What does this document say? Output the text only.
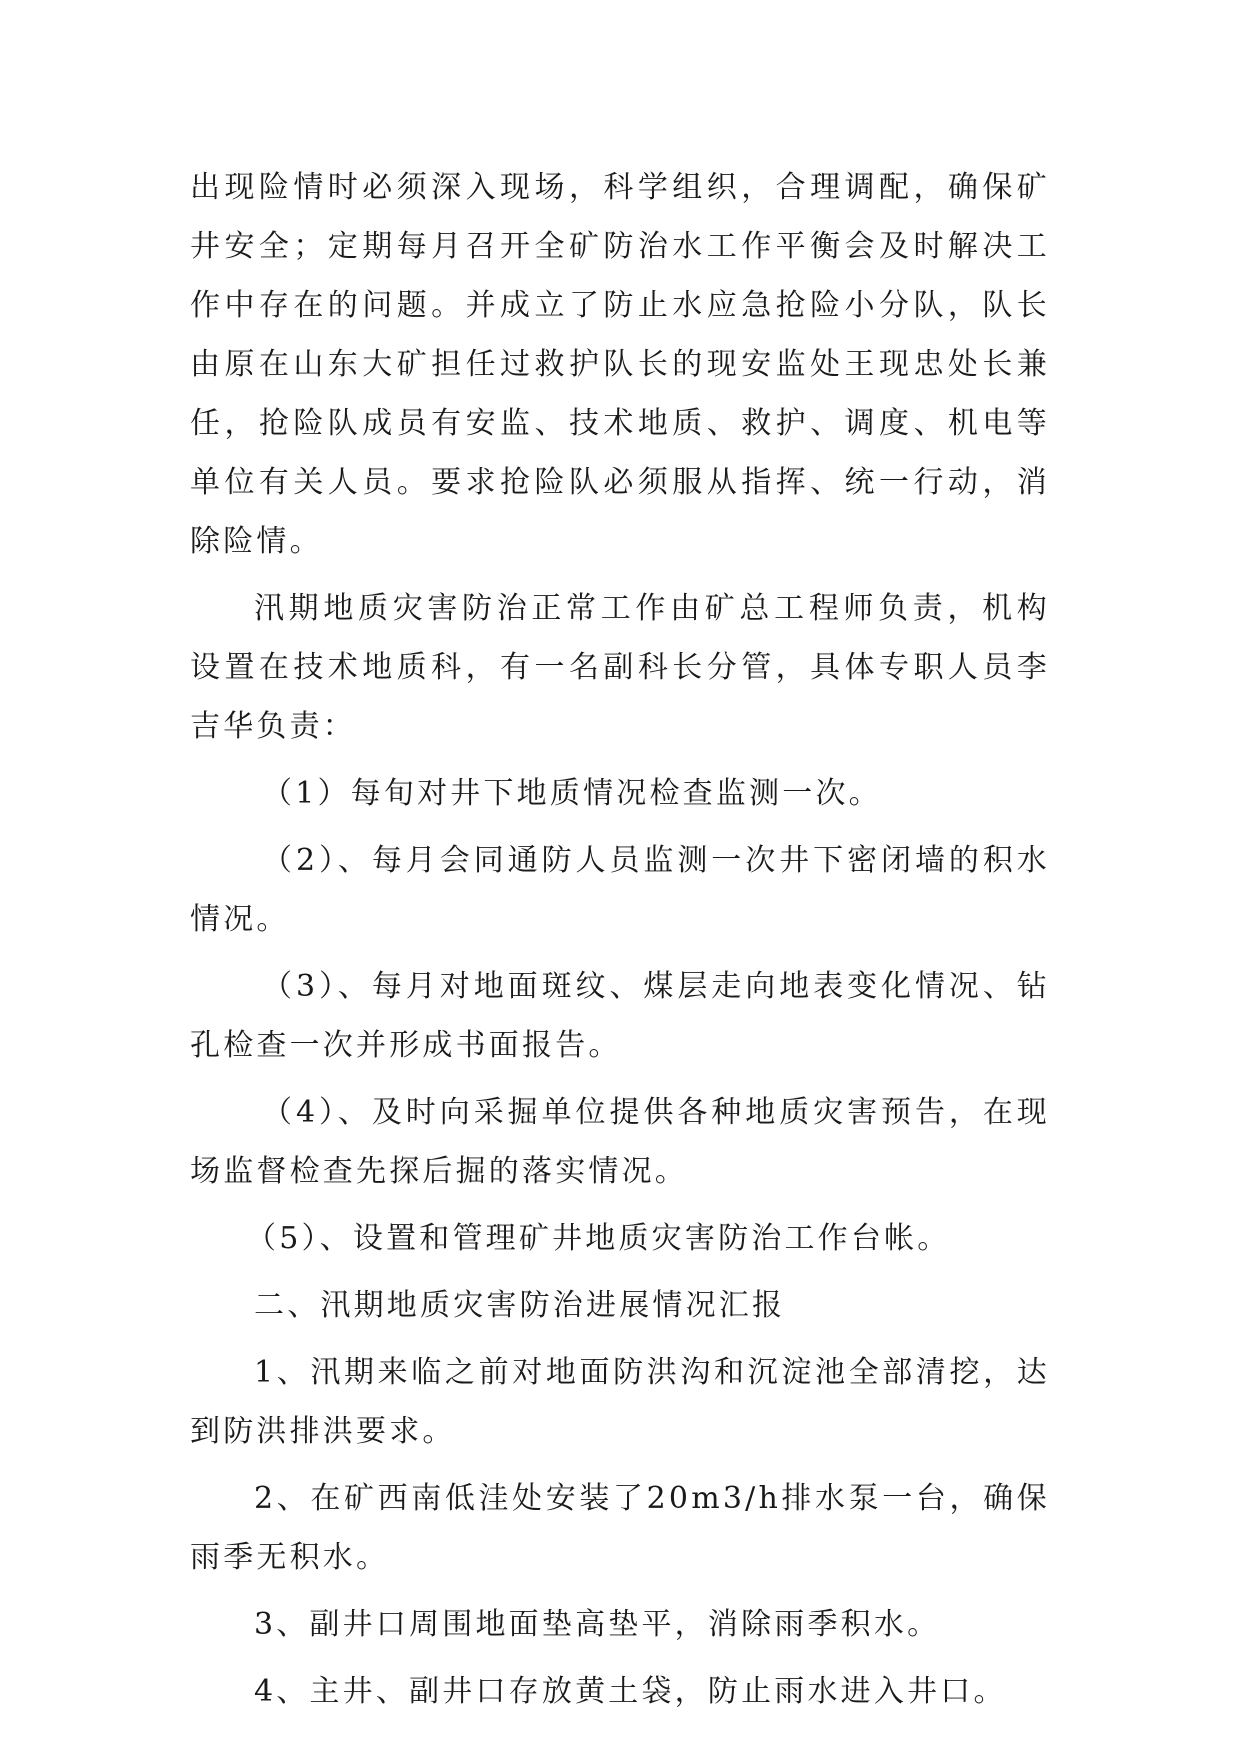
出现险情时必须深入现场，科学组织，合理调配，确保矿井安全；定期每月召开全矿防治水工作平衡会及时解决工作中存在的问题。并成立了防止水应急抢险小分队，队长由原在山东大矿担任过救护队长的现安监处王现忠处长兼任，抢险队成员有安监、技术地质、救护、调度、机电等单位有关人员。要求抢险队必须服从指挥、统一行动，消除险情。

汛期地质灾害防治正常工作由矿总工程师负责，机构设置在技术地质科，有一名副科长分管，具体专职人员李吉华负责：

（1）每旬对井下地质情况检查监测一次。

（2）、每月会同通防人员监测一次井下密闭墙的积水情况。

（3）、每月对地面斑纹、煤层走向地表变化情况、钻孔检查一次并形成书面报告。

（4）、及时向采掘单位提供各种地质灾害预告，在现场监督检查先探后掘的落实情况。

（5）、设置和管理矿井地质灾害防治工作台帐。

二、汛期地质灾害防治进展情况汇报

1、汛期来临之前对地面防洪沟和沉淀池全部清挖，达到防洪排洪要求。

2、在矿西南低洼处安装了20m3/h排水泵一台，确保雨季无积水。

3、副井口周围地面垫高垫平，消除雨季积水。

4、主井、副井口存放黄土袋，防止雨水进入井口。
